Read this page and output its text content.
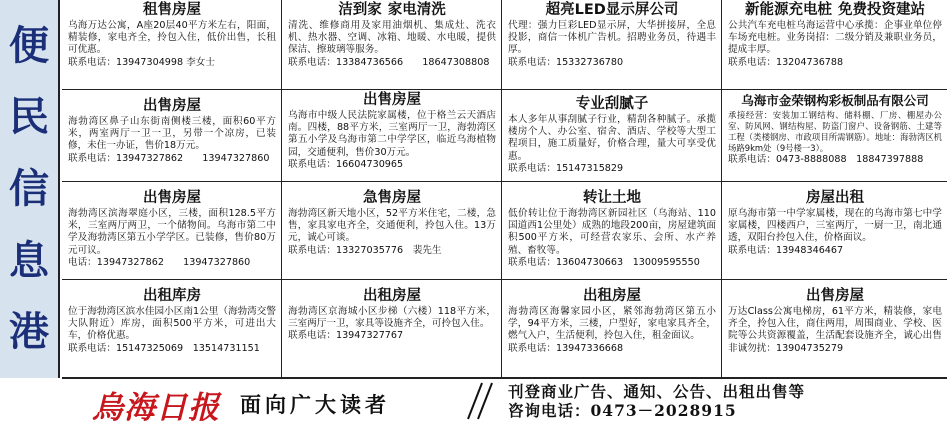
便
民
信
息
港
租售房屋
乌海万达公寓，A座20层40平方米左右，阳面，精装修，家电齐全，拎包入住，低价出售，长租可优惠。
联系电话：13947304998 李女士
洁到家 家电清洗
清洗、维修商用及家用油烟机、集成灶、洗衣机、热水器、空调、冰箱、地暖、水电暖，提供保洁、擦玻璃等服务。
联系电话：13384736566　　18647308808
超亮LED显示屏公司
代理：强力巨彩LED显示屏，大华拼接屏，全息投影，商信一体机广告机。招聘业务员，待遇丰厚。
联系电话：15332736780
新能源充电桩 免费投资建站
公共汽车充电桩乌海运营中心承揽：企事业单位停车场充电桩。业务岗招：二级分销及兼职业务员，提成丰厚。
联系电话：13204736788
出售房屋
海勃湾区鼻子山东街南侧楼三楼，面积60平方米，两室两厅一卫一卫，另带一个凉房，已装修，未住一办证，售价18万元。
联系电话：13947327862　　13947327860
出售房屋
乌海市中级人民法院家属楼，位于格兰云天酒店南。四楼，88平方米，三室两厅一卫，海勃湾区第五小学及乌海市第二中学学区，临近乌海植物园，交通便利，售价30万元。
联系电话：16604730965
专业刮腻子
本人多年从事刮腻子行业，精刮各种腻子。承揽楼房个人、办公室、宿舍、酒店、学校等大型工程项目，施工质量好，价格合理，量大可享受优惠。
联系电话：15147315829
乌海市金荣钢构彩板制品有限公司
承接经营：安装加工钢结构、储料棚、厂房、棚屋办公室、防风网、钢结构屋、防盗门窗户、设备钢筋、土建等工程（类楼钢房、市政项目所需钢筋）。地址：海勃湾区机场路9km处（9号楼一3）。
联系电话：0473-8888088　18847397888
出售房屋
海勃湾区滨海翠庭小区，三楼，面积128.5平方米，三室两厅两卫，一个储物间。乌海市第二中学及海勃湾区第五小学学区。已装修，售价80万元可议。
电话：13947327862　　13947327860
急售房屋
海勃湾区新天地小区，52平方米住宅，二楼，急售，家具家电齐全，交通便利，拎包入住。13万元，诚心可谈。
联系电话：13327035776　裴先生
转让土地
低价转让位于海勃湾区新园社区（乌海站、110国道西1公里处）成熟的地段200亩，房屋建筑面积500平方米，可经营农家乐、会所、水产养殖、畜牧等。
联系电话：13604730663　13009595550
房屋出租
原乌海市第一中学家属楼，现在的乌海市第七中学家属楼，四楼西户，三室两厅，一厨一卫，南北通透，双阳台拎包入住，价格面议。
联系电话：13948346467
出租库房
位于海勃湾区滨水佳园小区南1公里（海勃湾交警大队附近）库房，面积500平方米，可进出大车，价格优惠。
联系电话：15147325069　13514731151
出租房屋
海勃湾区京海城小区步梯（六楼）118平方米，三室两厅一卫，家具等设施齐全，可拎包入住。
联系电话：13947327767
出租房屋
海勃湾区海馨家园小区，紧邻海勃湾区第五小学，94平方米，三楼，户型好，家电家具齐全，燃气入户，生活便利，拎包入住，租金面议。
联系电话：13947336668
出售房屋
万达Class公寓电梯房，61平方米，精装修，家电齐全，拎包入住，商住两用，周围商业、学校、医院等公共资源覆盖，生活配套设施齐全，诚心出售非诚勿扰：13904735279
烏海日报 面向广大读者
刊登商业广告、通知、公告、出租出售等
咨询电话：0473－2028915
